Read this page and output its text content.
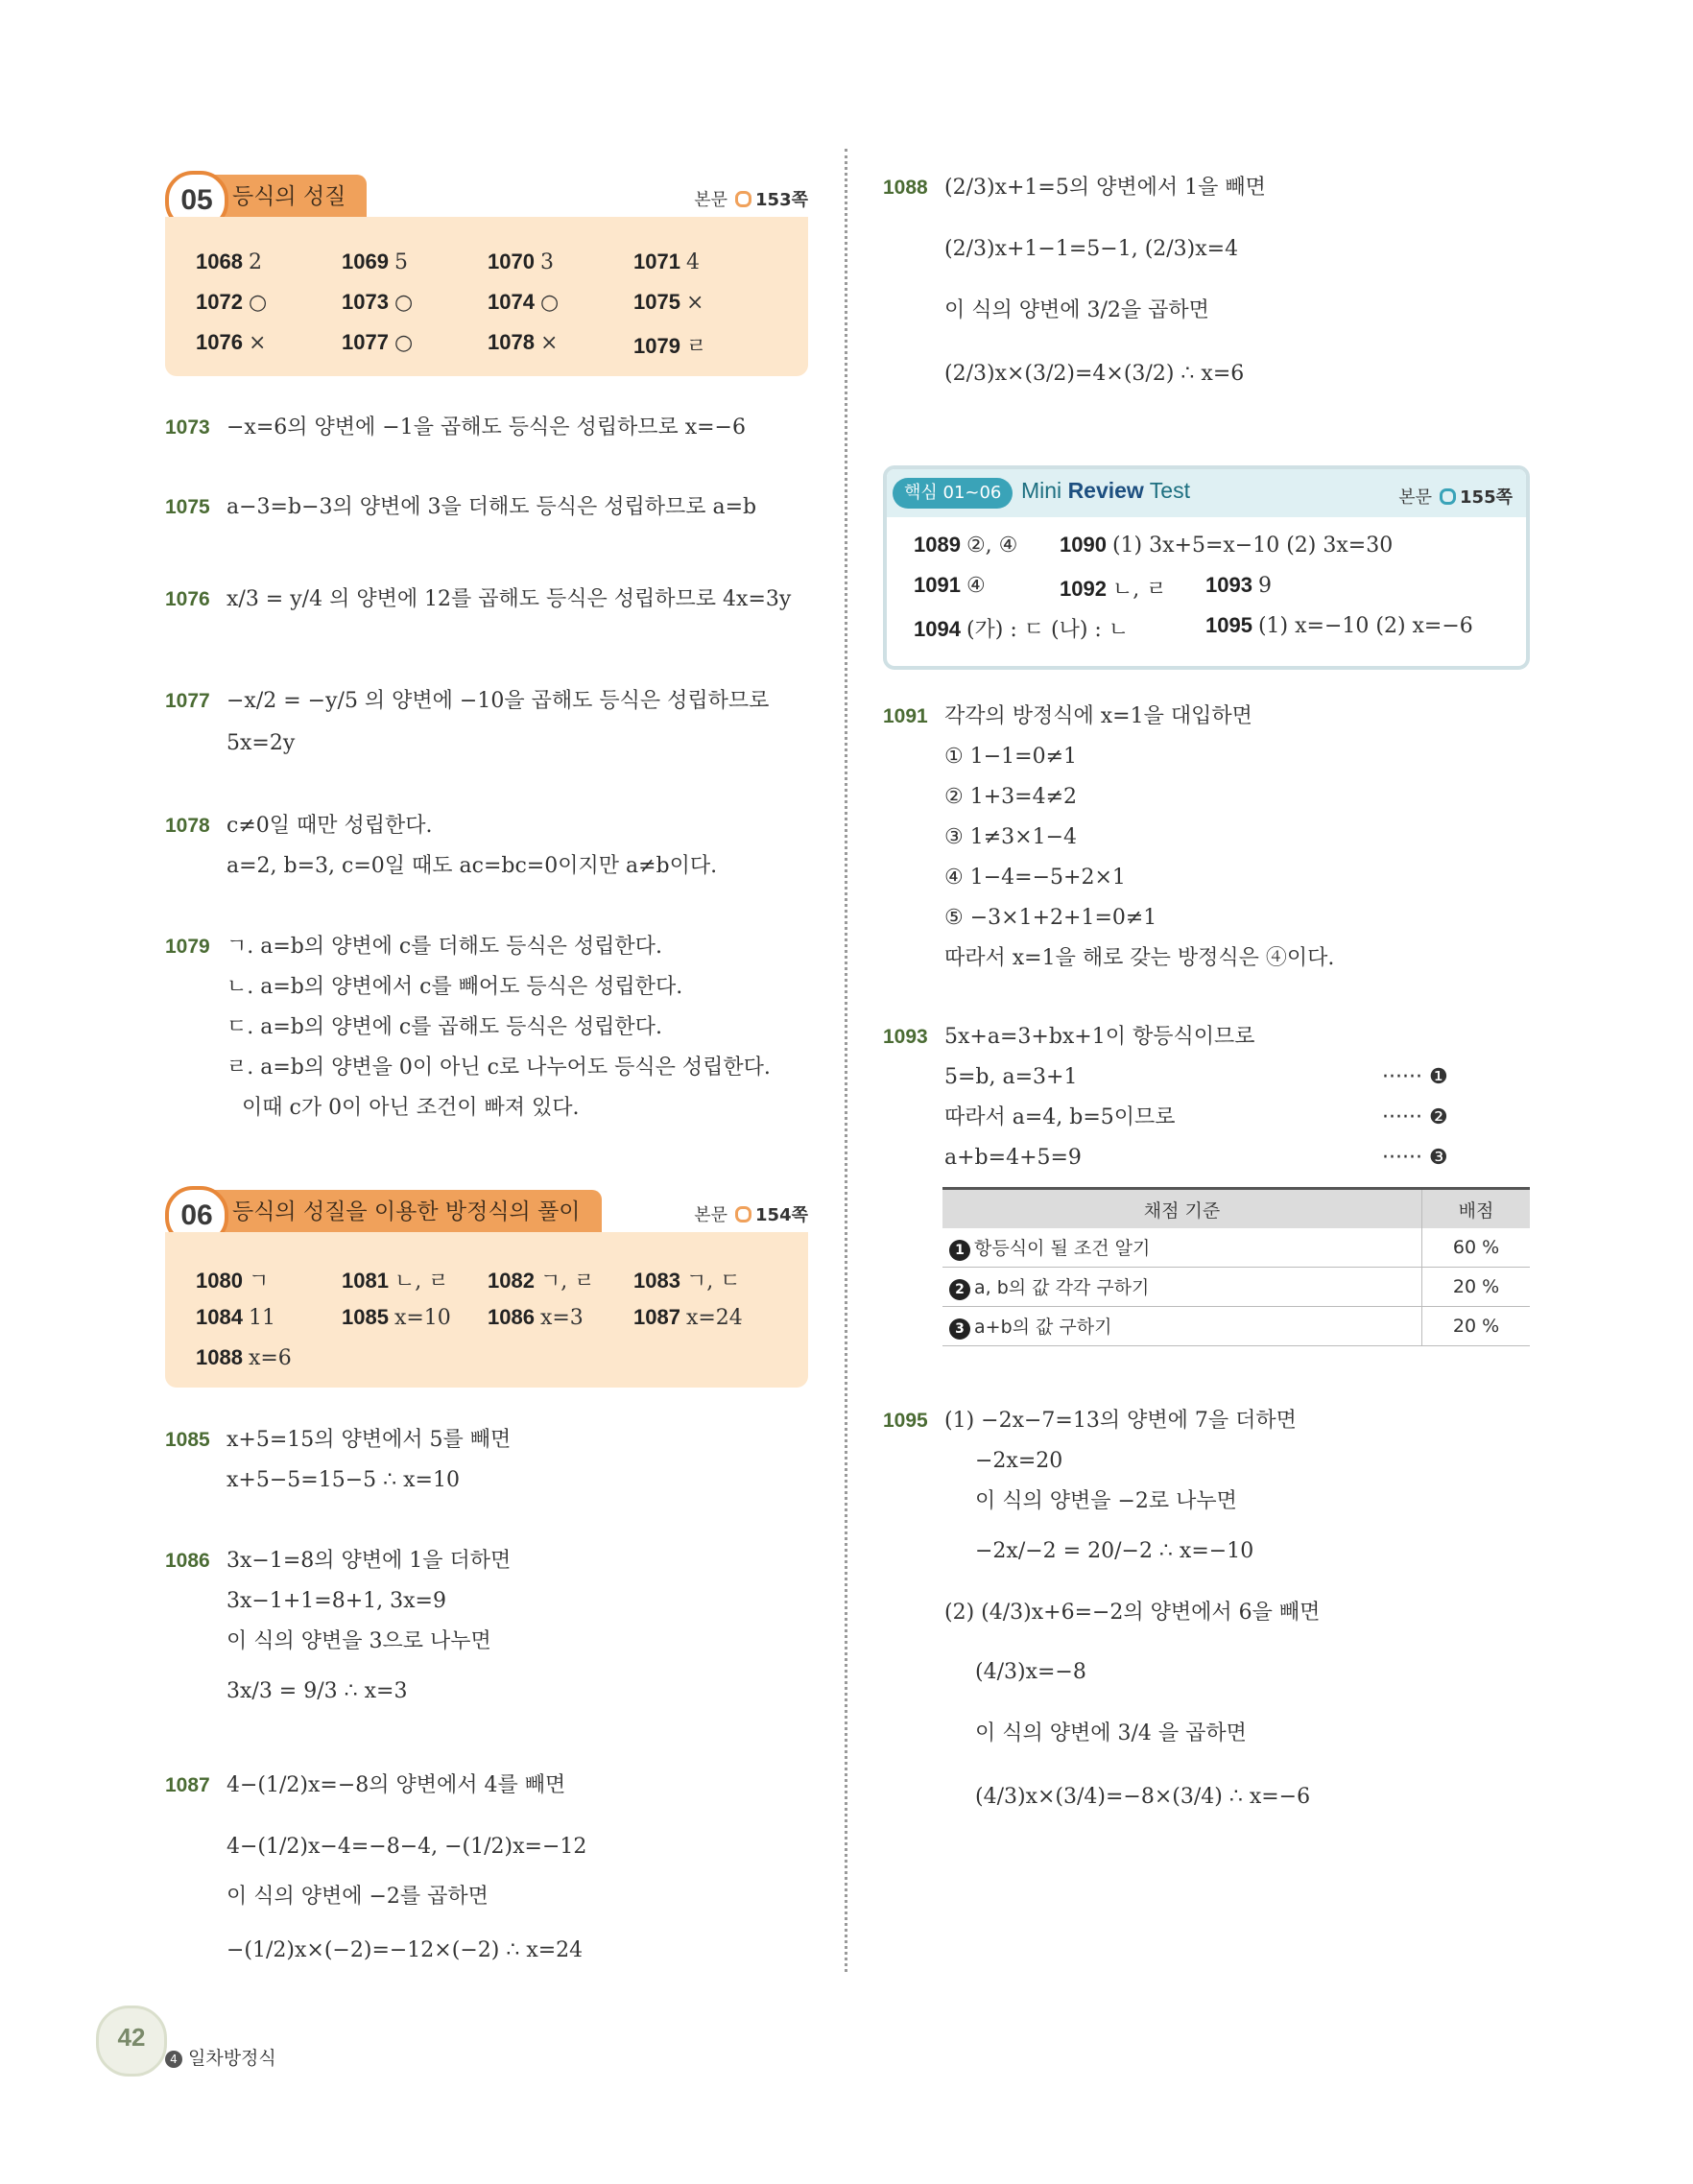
등식의 성질
05	본문 153쪽
1068 2	1069 5	1070 3	1071 4
1072 ○	1073 ○	1074 ○	1075 ×
1076 ×	1077 ○	1078 ×	1079 ㄹ
1073 −x=6의 양변에 −1을 곱해도 등식은 성립하므로 x=−6
1075 a−3=b−3의 양변에 3을 더해도 등식은 성립하므로 a=b
1076 x/3 = y/4 의 양변에 12를 곱해도 등식은 성립하므로 4x=3y
1077 −x/2 = −y/5 의 양변에 −10을 곱해도 등식은 성립하므로
5x=2y
1078 c≠0일 때만 성립한다.
a=2, b=3, c=0일 때도 ac=bc=0이지만 a≠b이다.
1079 ㄱ. a=b의 양변에 c를 더해도 등식은 성립한다.
ㄴ. a=b의 양변에서 c를 빼어도 등식은 성립한다.
ㄷ. a=b의 양변에 c를 곱해도 등식은 성립한다.
ㄹ. a=b의 양변을 0이 아닌 c로 나누어도 등식은 성립한다.
이때 c가 0이 아닌 조건이 빠져 있다.
등식의 성질을 이용한 방정식의 풀이
06	본문 154쪽
1080 ㄱ	1081 ㄴ, ㄹ 1082 ㄱ, ㄹ 1083 ㄱ, ㄷ
1084 11	1085 x=10 1086 x=3 1087 x=24
1088 x=6
1085 x+5=15의 양변에서 5를 빼면
x+5−5=15−5 ∴ x=10
1086 3x−1=8의 양변에 1을 더하면
3x−1+1=8+1, 3x=9
이 식의 양변을 3으로 나누면
3x/3 = 9/3 ∴ x=3
1087 4−(1/2)x=−8의 양변에서 4를 빼면
4−(1/2)x−4=−8−4, −(1/2)x=−12
이 식의 양변에 −2를 곱하면
−(1/2)x×(−2)=−12×(−2) ∴ x=24
1088 (2/3)x+1=5의 양변에서 1을 빼면
(2/3)x+1−1=5−1, (2/3)x=4
이 식의 양변에 3/2을 곱하면
(2/3)x×(3/2)=4×(3/2) ∴ x=6
핵심 01~06 Mini Review Test	본문 155쪽
1089 ②, ④ 1090 (1) 3x+5=x−10 (2) 3x=30
1091 ④	1092 ㄴ, ㄹ 1093 9
1094 (가) : ㄷ (나) : ㄴ	1095 (1) x=−10 (2) x=−6
1091 각각의 방정식에 x=1을 대입하면
① 1−1=0≠1
② 1+3=4≠2
③ 1≠3×1−4
④ 1−4=−5+2×1
⑤ −3×1+2+1=0≠1
따라서 x=1을 해로 갖는 방정식은 ④이다.
1093 5x+a=3+bx+1이 항등식이므로
5=b, a=3+1
따라서 a=4, b=5이므로
a+b=4+5=9
······ ❶
······ ❷
······ ❸
채점 기준	배점
1 항등식이 될 조건 알기	60 %
2 a, b의 값 각각 구하기	20 %
3 a+b의 값 구하기	20 %
1095 (1) −2x−7=13의 양변에 7을 더하면
−2x=20
이 식의 양변을 −2로 나누면
−2x/−2 = 20/−2 ∴ x=−10
(2) (4/3)x+6=−2의 양변에서 6을 빼면
(4/3)x=−8
이 식의 양변에 3/4 을 곱하면
(4/3)x×(3/4)=−8×(3/4) ∴ x=−6
42
4 일차방정식
